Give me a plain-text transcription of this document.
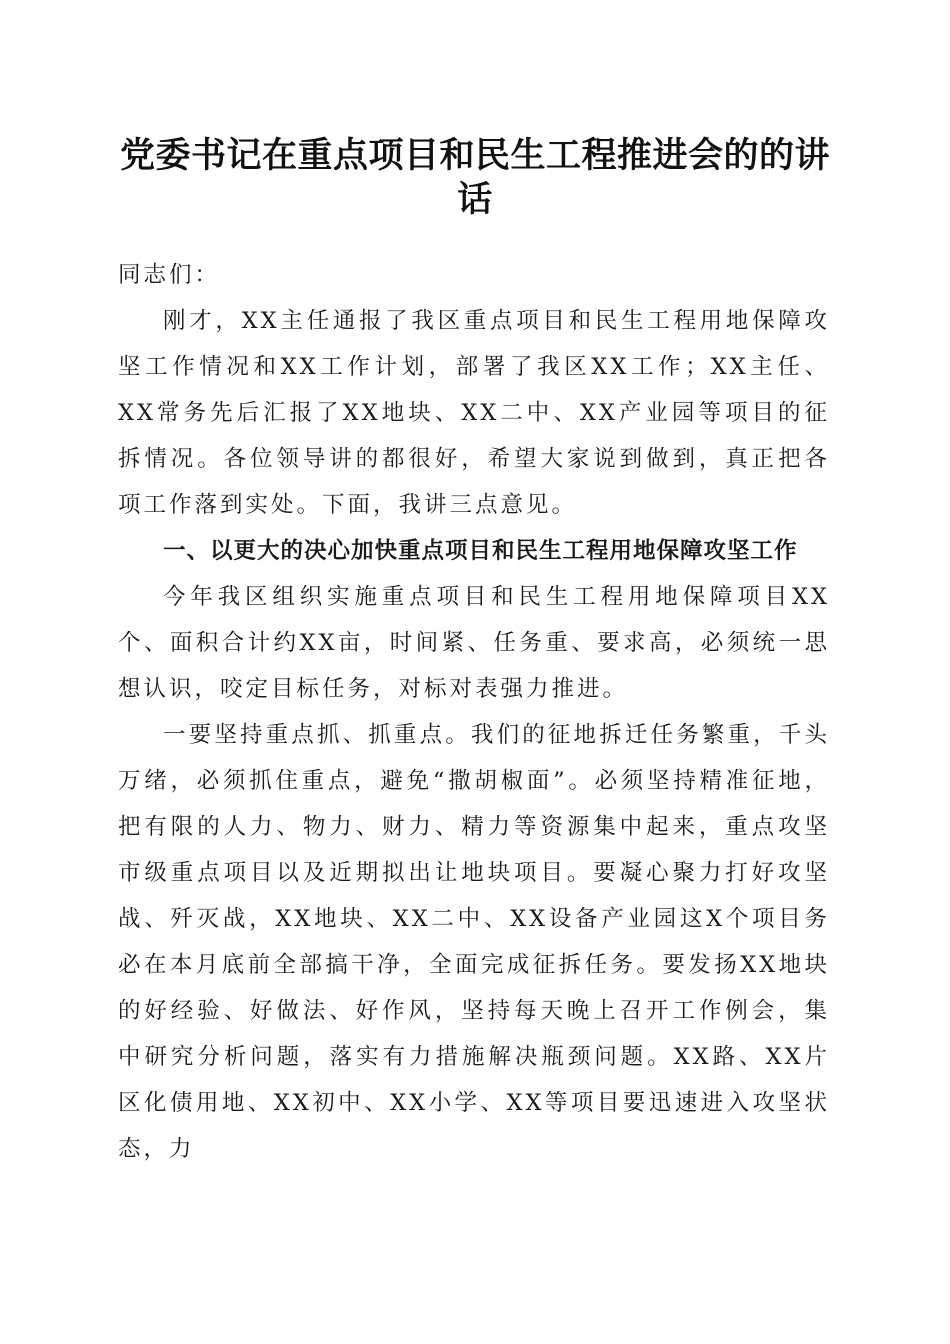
党委书记在重点项目和民生工程推进会的的讲话

同志们：

刚才，XX主任通报了我区重点项目和民生工程用地保障攻坚工作情况和XX工作计划，部署了我区XX工作；XX主任、XX常务先后汇报了XX地块、XX二中、XX产业园等项目的征拆情况。各位领导讲的都很好，希望大家说到做到，真正把各项工作落到实处。下面，我讲三点意见。

一、以更大的决心加快重点项目和民生工程用地保障攻坚工作

今年我区组织实施重点项目和民生工程用地保障项目XX个、面积合计约XX亩，时间紧、任务重、要求高，必须统一思想认识，咬定目标任务，对标对表强力推进。

一要坚持重点抓、抓重点。我们的征地拆迁任务繁重，千头万绪，必须抓住重点，避免“撒胡椒面”。必须坚持精准征地，把有限的人力、物力、财力、精力等资源集中起来，重点攻坚市级重点项目以及近期拟出让地块项目。要凝心聚力打好攻坚战、歼灭战，XX地块、XX二中、XX设备产业园这X个项目务必在本月底前全部搞干净，全面完成征拆任务。要发扬XX地块的好经验、好做法、好作风，坚持每天晚上召开工作例会，集中研究分析问题，落实有力措施解决瓶颈问题。XX路、XX片区化债用地、XX初中、XX小学、XX等项目要迅速进入攻坚状态，力
